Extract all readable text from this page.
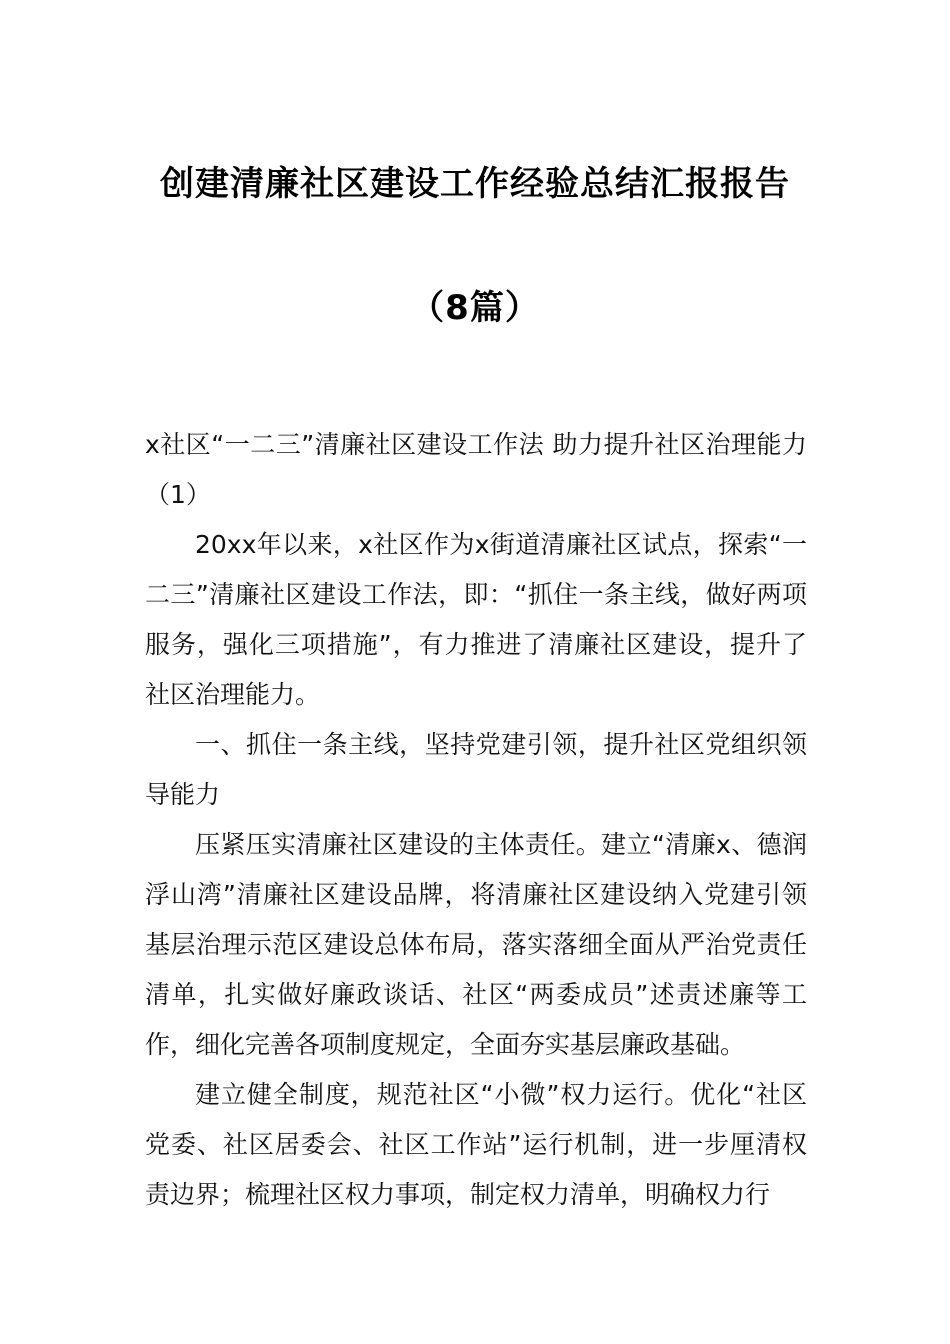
创建清廉社区建设工作经验总结汇报报告
（8篇）

x社区“一二三”清廉社区建设工作法 助力提升社区治理能力（1）

20xx年以来，x社区作为x街道清廉社区试点，探索“一二三”清廉社区建设工作法，即：“抓住一条主线，做好两项服务，强化三项措施”，有力推进了清廉社区建设，提升了社区治理能力。

一、抓住一条主线，坚持党建引领，提升社区党组织领导能力

压紧压实清廉社区建设的主体责任。建立“清廉x、德润浮山湾”清廉社区建设品牌，将清廉社区建设纳入党建引领基层治理示范区建设总体布局，落实落细全面从严治党责任清单，扎实做好廉政谈话、社区“两委成员”述责述廉等工作，细化完善各项制度规定，全面夯实基层廉政基础。

建立健全制度，规范社区“小微”权力运行。优化“社区党委、社区居委会、社区工作站”运行机制，进一步厘清权责边界；梳理社区权力事项，制定权力清单，明确权力行
